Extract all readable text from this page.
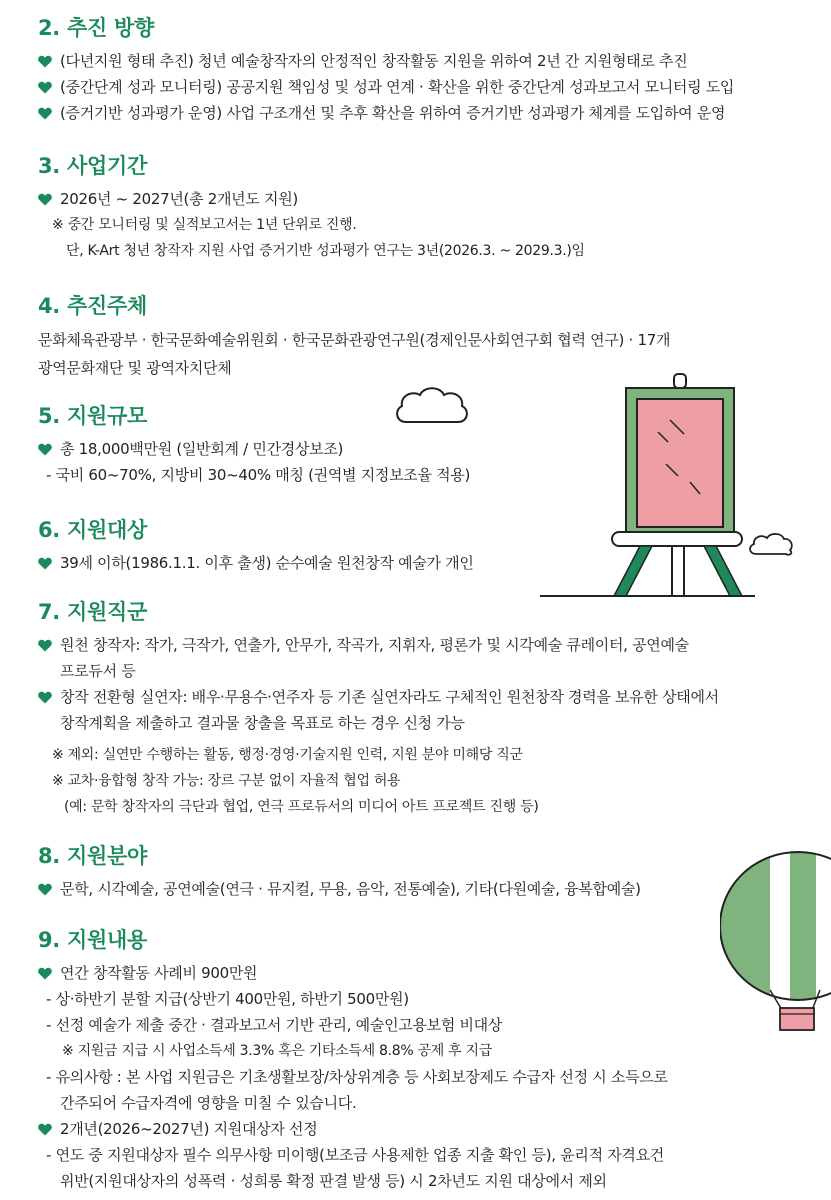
2. 추진 방향
(다년지원 형태 추진) 청년 예술창작자의 안정적인 창작활동 지원을 위하여 2년 간 지원형태로 추진
(중간단계 성과 모니터링) 공공지원 책임성 및 성과 연계 · 확산을 위한 중간단계 성과보고서 모니터링 도입
(증거기반 성과평가 운영) 사업 구조개선 및 추후 확산을 위하여 증거기반 성과평가 체계를 도입하여 운영
3. 사업기간
2026년 ~ 2027년(총 2개년도 지원)
※ 중간 모니터링 및 실적보고서는 1년 단위로 진행.
단, K-Art 청년 창작자 지원 사업 증거기반 성과평가 연구는 3년(2026.3. ~ 2029.3.)임
4. 추진주체
문화체육관광부 · 한국문화예술위원회 · 한국문화관광연구원(경제인문사회연구회 협력 연구) · 17개
광역문화재단 및 광역자치단체
5. 지원규모
총 18,000백만원 (일반회계 / 민간경상보조)
- 국비 60~70%, 지방비 30~40% 매칭 (권역별 지정보조율 적용)
6. 지원대상
39세 이하(1986.1.1. 이후 출생) 순수예술 원천창작 예술가 개인
7. 지원직군
원천 창작자: 작가, 극작가, 연출가, 안무가, 작곡가, 지휘자, 평론가 및 시각예술 큐레이터, 공연예술
프로듀서 등
창작 전환형 실연자: 배우·무용수·연주자 등 기존 실연자라도 구체적인 원천창작 경력을 보유한 상태에서
창작계획을 제출하고 결과물 창출을 목표로 하는 경우 신청 가능
※ 제외: 실연만 수행하는 활동, 행정·경영·기술지원 인력, 지원 분야 미해당 직군
※ 교차·융합형 창작 가능: 장르 구분 없이 자율적 협업 허용
(예: 문학 창작자의 극단과 협업, 연극 프로듀서의 미디어 아트 프로젝트 진행 등)
8. 지원분야
문학, 시각예술, 공연예술(연극 · 뮤지컬, 무용, 음악, 전통예술), 기타(다원예술, 융복합예술)
9. 지원내용
연간 창작활동 사례비 900만원
- 상·하반기 분할 지급(상반기 400만원, 하반기 500만원)
- 선정 예술가 제출 중간 · 결과보고서 기반 관리, 예술인고용보험 비대상
※ 지원금 지급 시 사업소득세 3.3% 혹은 기타소득세 8.8% 공제 후 지급
- 유의사항 : 본 사업 지원금은 기초생활보장/차상위계층 등 사회보장제도 수급자 선정 시 소득으로
간주되어 수급자격에 영향을 미칠 수 있습니다.
2개년(2026~2027년) 지원대상자 선정
- 연도 중 지원대상자 필수 의무사항 미이행(보조금 사용제한 업종 지출 확인 등), 윤리적 자격요건
위반(지원대상자의 성폭력 · 성희롱 확정 판결 발생 등) 시 2차년도 지원 대상에서 제외
